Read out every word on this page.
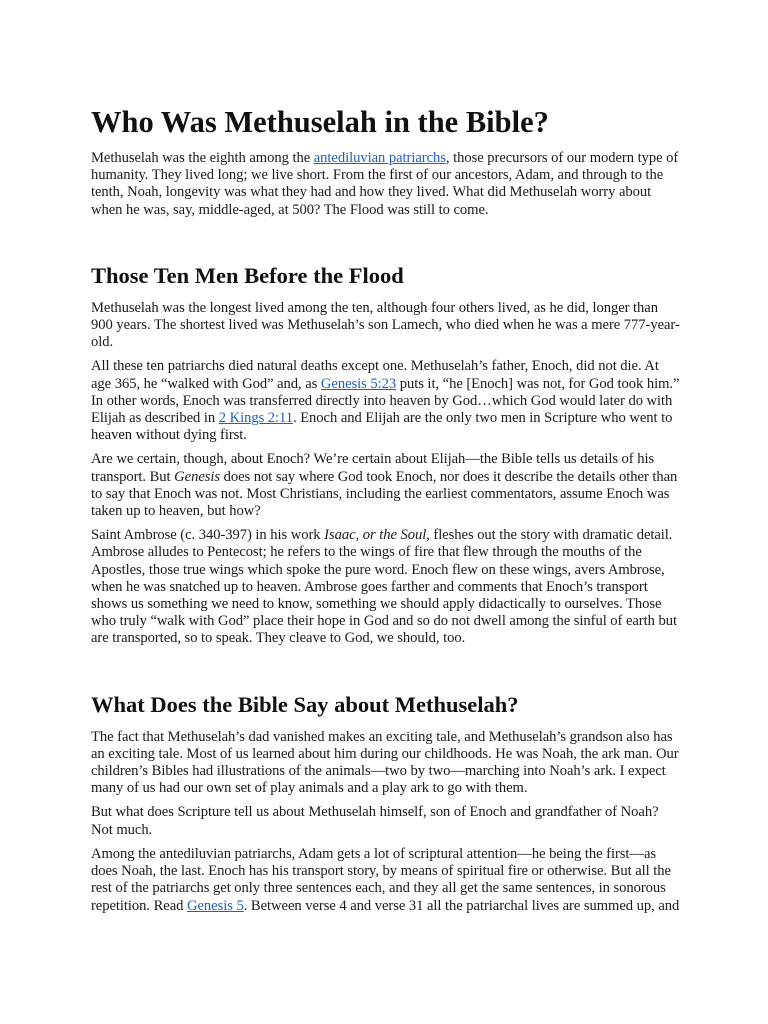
Who Was Methuselah in the Bible?

Methuselah was the eighth among the antediluvian patriarchs, those precursors of our modern type of humanity. They lived long; we live short. From the first of our ancestors, Adam, and through to the tenth, Noah, longevity was what they had and how they lived. What did Methuselah worry about when he was, say, middle-aged, at 500? The Flood was still to come.

Those Ten Men Before the Flood

Methuselah was the longest lived among the ten, although four others lived, as he did, longer than 900 years. The shortest lived was Methuselah’s son Lamech, who died when he was a mere 777-year-old.

All these ten patriarchs died natural deaths except one. Methuselah’s father, Enoch, did not die. At age 365, he “walked with God” and, as Genesis 5:23 puts it, “he [Enoch] was not, for God took him.” In other words, Enoch was transferred directly into heaven by God…which God would later do with Elijah as described in 2 Kings 2:11. Enoch and Elijah are the only two men in Scripture who went to heaven without dying first.

Are we certain, though, about Enoch? We’re certain about Elijah—the Bible tells us details of his transport. But Genesis does not say where God took Enoch, nor does it describe the details other than to say that Enoch was not. Most Christians, including the earliest commentators, assume Enoch was taken up to heaven, but how?

Saint Ambrose (c. 340-397) in his work Isaac, or the Soul, fleshes out the story with dramatic detail. Ambrose alludes to Pentecost; he refers to the wings of fire that flew through the mouths of the Apostles, those true wings which spoke the pure word. Enoch flew on these wings, avers Ambrose, when he was snatched up to heaven. Ambrose goes farther and comments that Enoch’s transport shows us something we need to know, something we should apply didactically to ourselves. Those who truly “walk with God” place their hope in God and so do not dwell among the sinful of earth but are transported, so to speak. They cleave to God, we should, too.

What Does the Bible Say about Methuselah?

The fact that Methuselah’s dad vanished makes an exciting tale, and Methuselah’s grandson also has an exciting tale. Most of us learned about him during our childhoods. He was Noah, the ark man. Our children’s Bibles had illustrations of the animals—two by two—marching into Noah’s ark. I expect many of us had our own set of play animals and a play ark to go with them.

But what does Scripture tell us about Methuselah himself, son of Enoch and grandfather of Noah? Not much.

Among the antediluvian patriarchs, Adam gets a lot of scriptural attention—he being the first—as does Noah, the last. Enoch has his transport story, by means of spiritual fire or otherwise. But all the rest of the patriarchs get only three sentences each, and they all get the same sentences, in sonorous repetition. Read Genesis 5. Between verse 4 and verse 31 all the patriarchal lives are summed up, and
